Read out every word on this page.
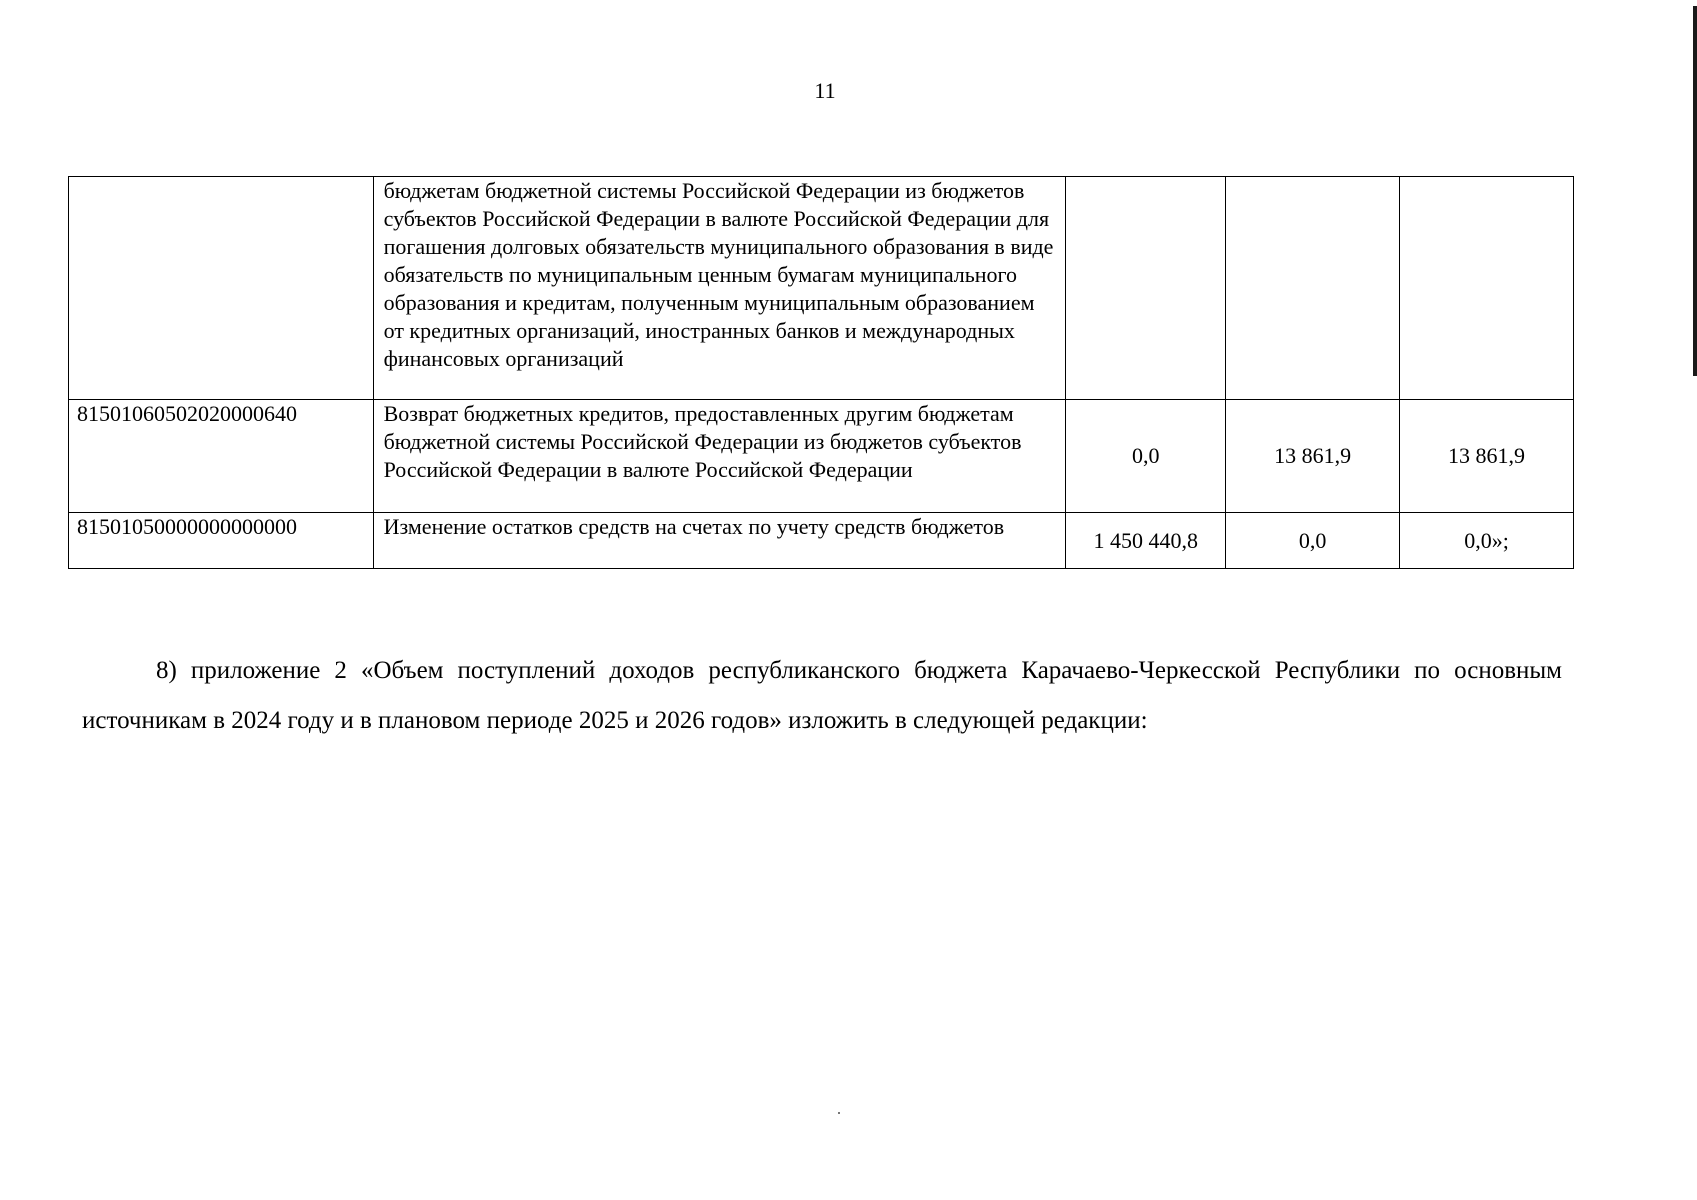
11
	бюджетам бюджетной системы Российской Федерации из бюджетов субъектов Российской Федерации в валюте Российской Федерации для погашения долговых обязательств муниципального образования в виде обязательств по муниципальным ценным бумагам муниципального образования и кредитам, полученным муниципальным образованием от кредитных организаций, иностранных банков и международных финансовых организаций			
81501060502020000640	Возврат бюджетных кредитов, предоставленных другим бюджетам бюджетной системы Российской Федерации из бюджетов субъектов Российской Федерации в валюте Российской Федерации	0,0	13 861,9	13 861,9
81501050000000000000	Изменение остатков средств на счетах по учету средств бюджетов	1 450 440,8	0,0	0,0»;
8) приложение 2 «Объем поступлений доходов республиканского бюджета Карачаево-Черкесской Республики по основным источникам в 2024 году и в плановом периоде 2025 и 2026 годов» изложить в следующей редакции:
